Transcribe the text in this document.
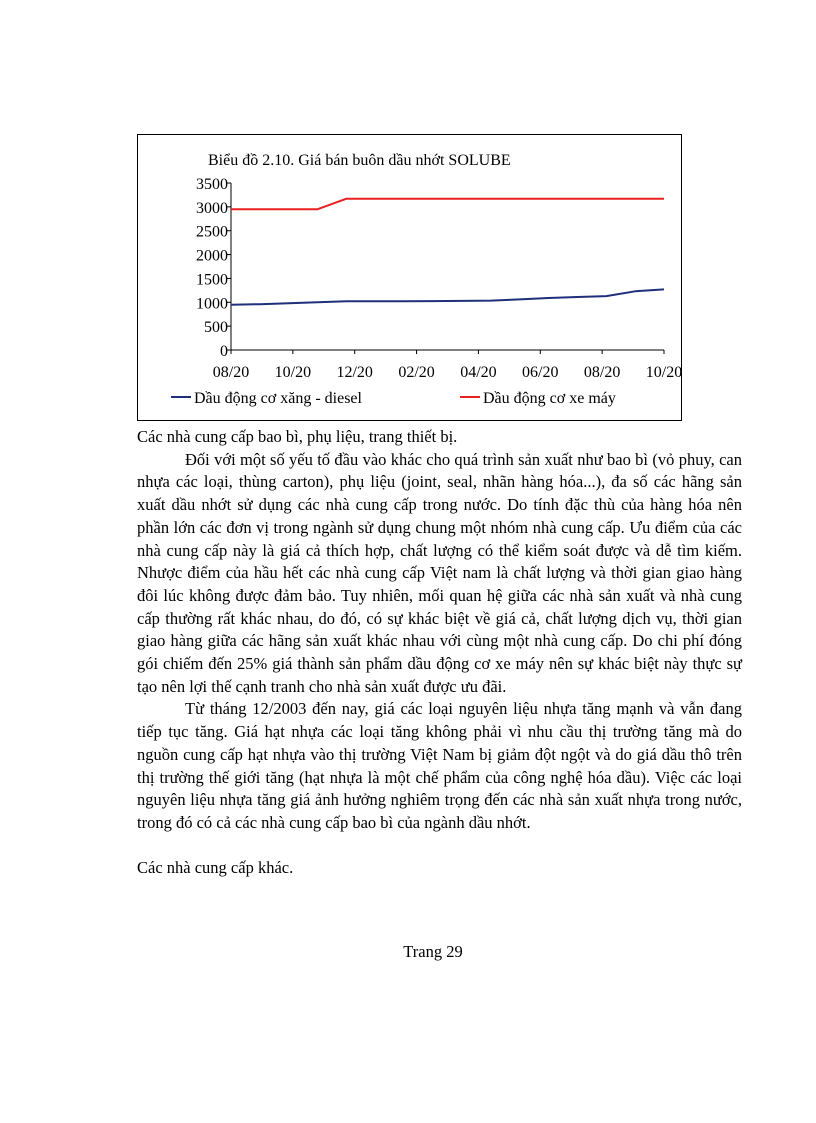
Biểu đồ 2.10. Giá bán buôn dầu nhớt SOLUBE
0
500
1000
1500
2000
2500
3000
3500
08/20 10/20 12/20 02/20 04/20 06/20 08/20 10/20
Dầu động cơ xăng - diesel	Dầu động cơ xe máy

Các nhà cung cấp bao bì, phụ liệu, trang thiết bị.

Đối với một số yếu tố đầu vào khác cho quá trình sản xuất như bao bì (vỏ phuy, can nhựa các loại, thùng carton), phụ liệu (joint, seal, nhãn hàng hóa...), đa số các hãng sản xuất dầu nhớt sử dụng các nhà cung cấp trong nước. Do tính đặc thù của hàng hóa nên phần lớn các đơn vị trong ngành sử dụng chung một nhóm nhà cung cấp. Ưu điểm của các nhà cung cấp này là giá cả thích hợp, chất lượng có thể kiểm soát được và dễ tìm kiếm. Nhược điểm của hầu hết các nhà cung cấp Việt nam là chất lượng và thời gian giao hàng đôi lúc không được đảm bảo. Tuy nhiên, mối quan hệ giữa các nhà sản xuất và nhà cung cấp thường rất khác nhau, do đó, có sự khác biệt về giá cả, chất lượng dịch vụ, thời gian giao hàng giữa các hãng sản xuất khác nhau với cùng một nhà cung cấp. Do chi phí đóng gói chiếm đến 25% giá thành sản phẩm dầu động cơ xe máy nên sự khác biệt này thực sự tạo nên lợi thế cạnh tranh cho nhà sản xuất được ưu đãi.

Từ tháng 12/2003 đến nay, giá các loại nguyên liệu nhựa tăng mạnh và vẫn đang tiếp tục tăng. Giá hạt nhựa các loại tăng không phải vì nhu cầu thị trường tăng mà do nguồn cung cấp hạt nhựa vào thị trường Việt Nam bị giảm đột ngột và do giá dầu thô trên thị trường thế giới tăng (hạt nhựa là một chế phẩm của công nghệ hóa dầu). Việc các loại nguyên liệu nhựa tăng giá ảnh hưởng nghiêm trọng đến các nhà sản xuất nhựa trong nước, trong đó có cả các nhà cung cấp bao bì của ngành dầu nhớt.

Các nhà cung cấp khác.

Trang 29
